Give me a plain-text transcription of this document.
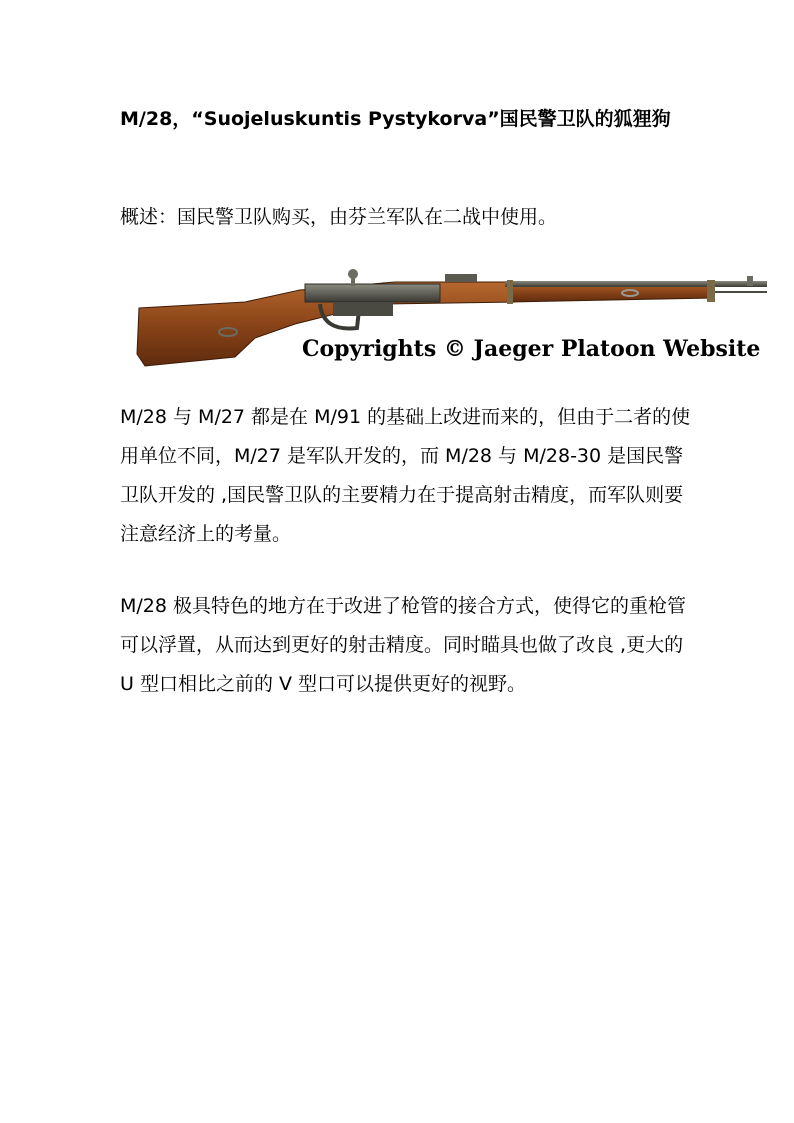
M/28，“Suojeluskuntis Pystykorva”国民警卫队的狐狸狗

概述：国民警卫队购买，由芬兰军队在二战中使用。

M/28 与 M/27 都是在 M/91 的基础上改进而来的，但由于二者的使用单位不同，M/27 是军队开发的，而 M/28 与 M/28-30 是国民警卫队开发的 ,国民警卫队的主要精力在于提高射击精度，而军队则要注意经济上的考量。

M/28 极具特色的地方在于改进了枪管的接合方式，使得它的重枪管可以浮置，从而达到更好的射击精度。同时瞄具也做了改良 ,更大的 U 型口相比之前的 V 型口可以提供更好的视野。

Copyrights © Jaeger Platoon Website
